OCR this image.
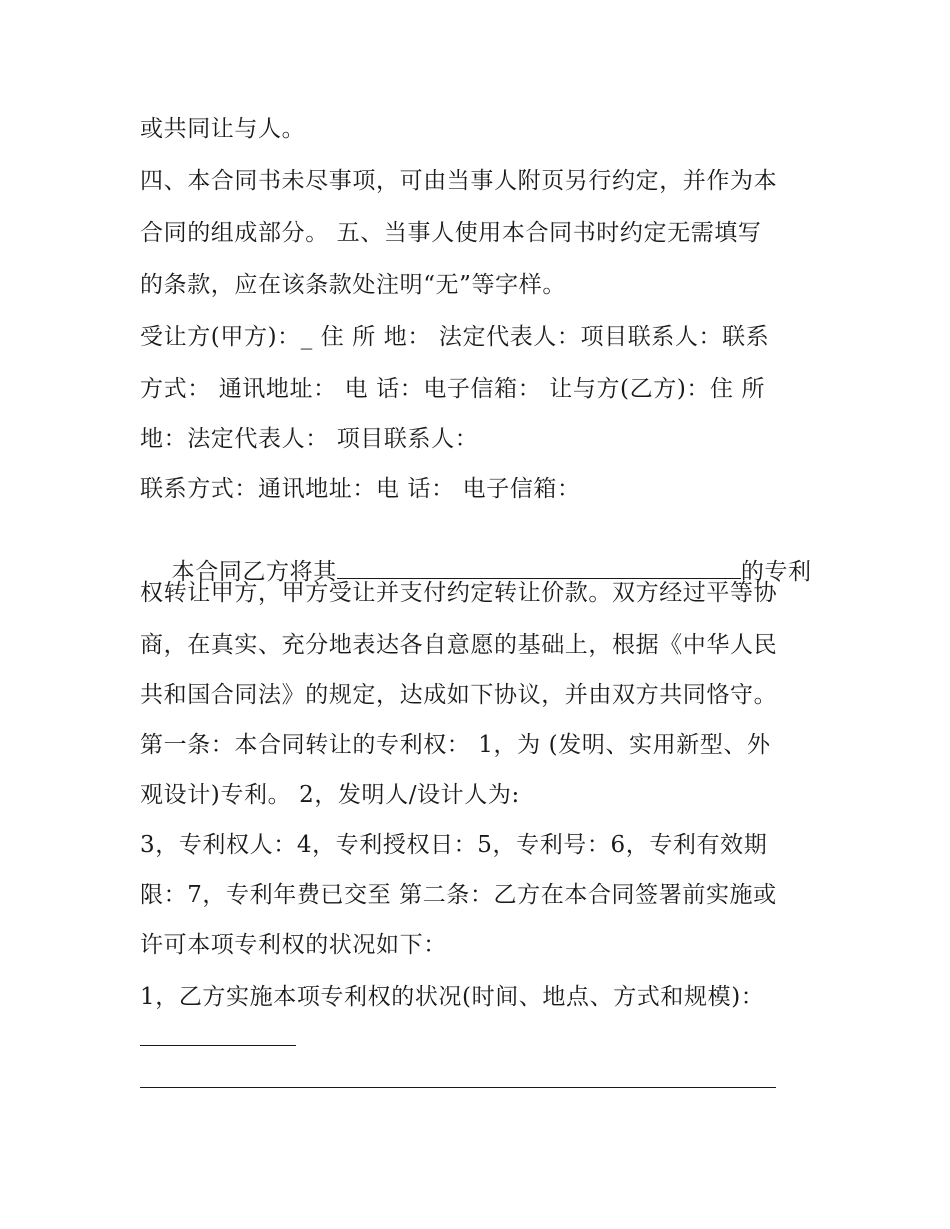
或共同让与人。
四、本合同书未尽事项，可由当事人附页另行约定，并作为本
合同的组成部分。 五、当事人使用本合同书时约定无需填写
的条款，应在该条款处注明“无”等字样。
受让方(甲方)：_ 住 所 地： 法定代表人：项目联系人：联系
方式： 通讯地址： 电 话：电子信箱： 让与方(乙方)：住 所
地：法定代表人： 项目联系人：
联系方式：通讯地址：电 话： 电子信箱：

本合同乙方将其	的专利

权转让甲方，甲方受让并支付约定转让价款。双方经过平等协
商，在真实、充分地表达各自意愿的基础上，根据《中华人民
共和国合同法》的规定，达成如下协议，并由双方共同恪守。
第一条：本合同转让的专利权： 1，为 (发明、实用新型、外
观设计)专利。 2，发明人/设计人为:
3，专利权人：4，专利授权日：5，专利号：6，专利有效期
限：7，专利年费已交至 第二条：乙方在本合同签署前实施或
许可本项专利权的状况如下：
1，乙方实施本项专利权的状况(时间、地点、方式和规模)：
